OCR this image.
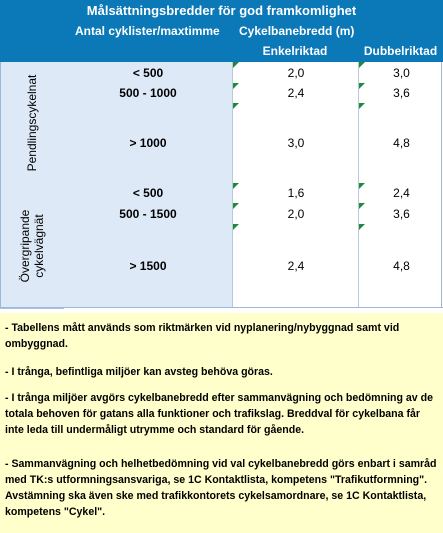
Målsättningsbredder för god framkomlighet
Antal cyklister/maxtimme Cykelbanebredd (m)
Enkelriktad	Dubbelriktad
Pendlingscykelnat
< 500	2,0	3,0
500 - 1000	2,4	3,6
> 1000	3,0	4,8
Övergripande cykelvägnät
< 500	1,6	2,4
500 - 1500	2,0	3,6
> 1500	2,4	4,8
- Tabellens mått används som riktmärken vid nyplanering/nybyggnad samt vid ombyggnad.
- I trånga, befintliga miljöer kan avsteg behöva göras.
- I trånga miljöer avgörs cykelbanebredd efter sammanvägning och bedömning av de totala behoven för gatans alla funktioner och trafikslag. Breddval för cykelbana får inte leda till undermåligt utrymme och standard för gående.
- Sammanvägning och helhetbedömning vid val cykelbanebredd görs enbart i samråd med TK:s utformningsansvariga, se 1C Kontaktlista, kompetens "Trafikutformning". Avstämning ska även ske med trafikkontorets cykelsamordnare, se 1C Kontaktlista, kompetens "Cykel".
